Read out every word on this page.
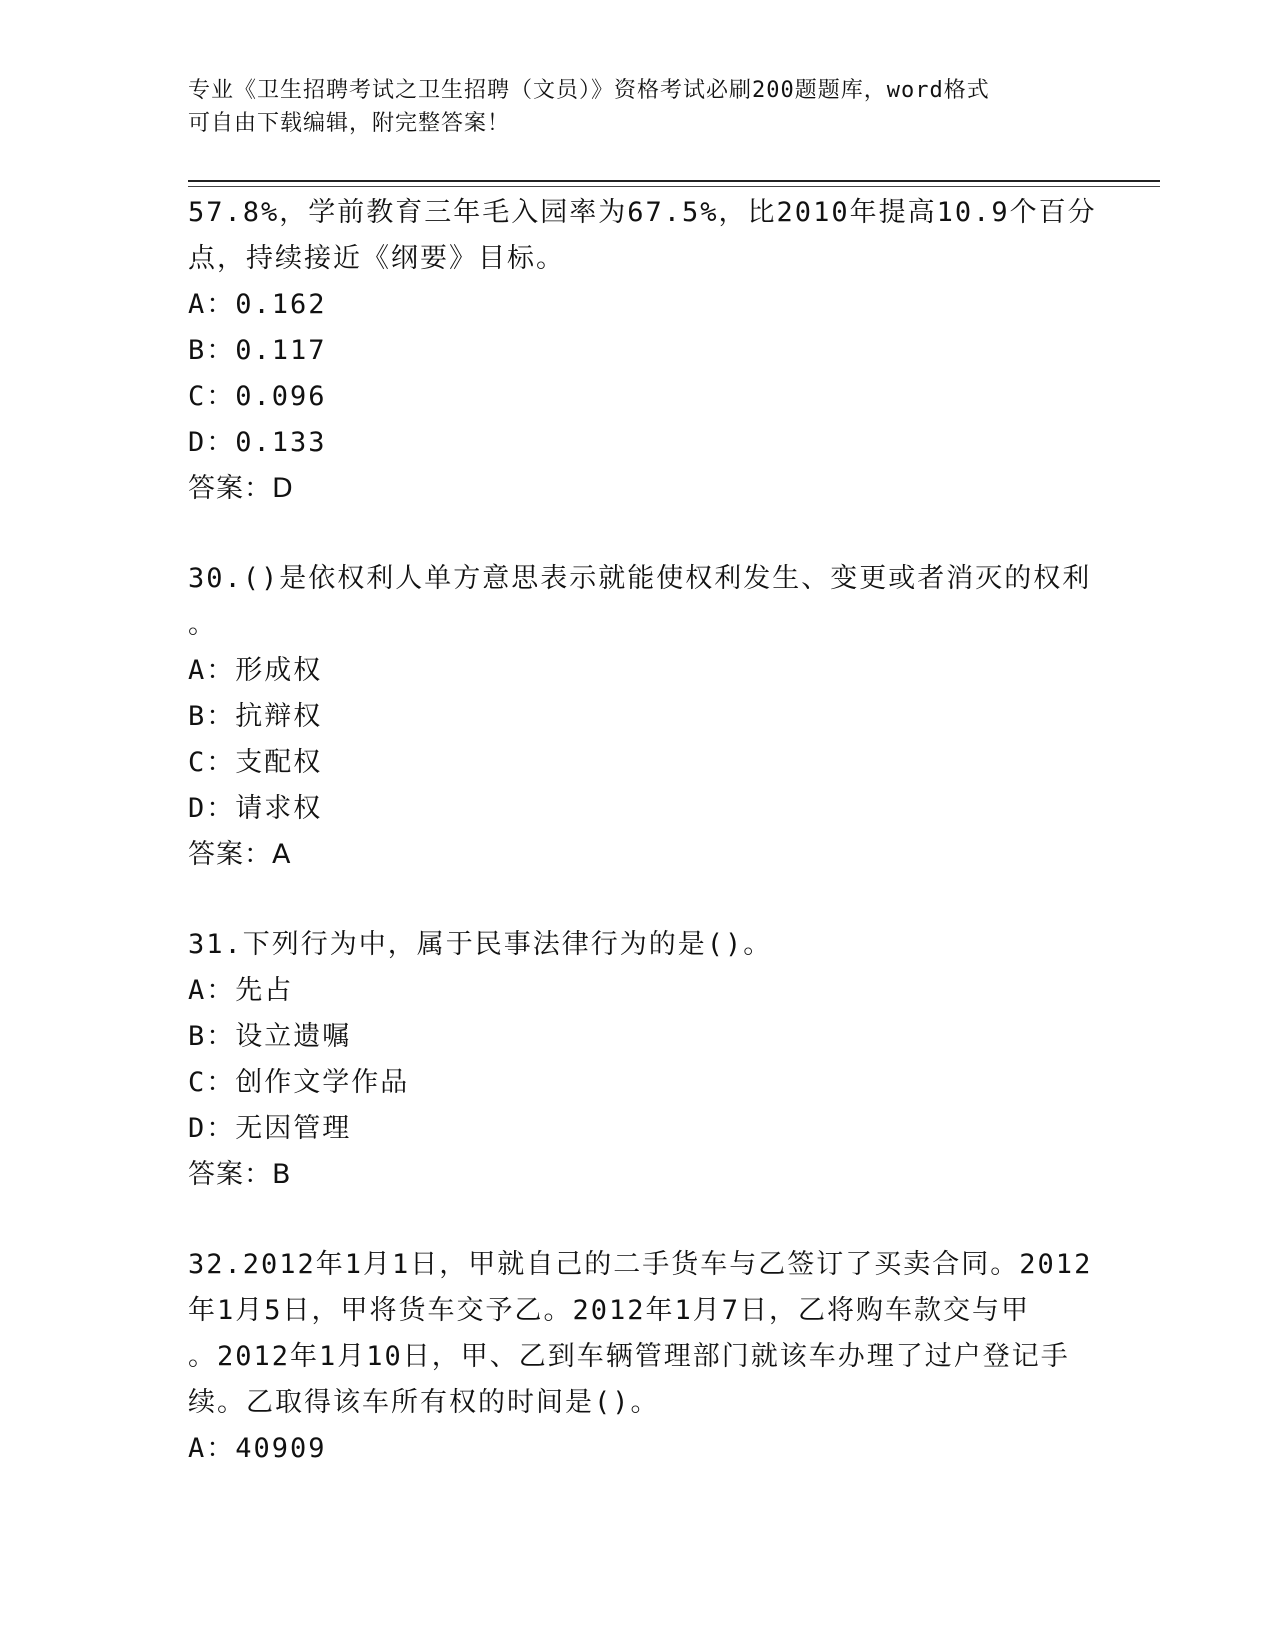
专业《卫生招聘考试之卫生招聘（文员）》资格考试必刷200题题库，word格式
可自由下载编辑，附完整答案！
57.8%，学前教育三年毛入园率为67.5%，比2010年提高10.9个百分
点，持续接近《纲要》目标。
A：0.162
B：0.117
C：0.096
D：0.133
答案：D
30.()是依权利人单方意思表示就能使权利发生、变更或者消灭的权利
。
A：形成权
B：抗辩权
C：支配权
D：请求权
答案：A
31.下列行为中，属于民事法律行为的是()。
A：先占
B：设立遗嘱
C：创作文学作品
D：无因管理
答案：B
32.2012年1月1日，甲就自己的二手货车与乙签订了买卖合同。2012
年1月5日，甲将货车交予乙。2012年1月7日，乙将购车款交与甲
。2012年1月10日，甲、乙到车辆管理部门就该车办理了过户登记手
续。乙取得该车所有权的时间是()。
A：40909
